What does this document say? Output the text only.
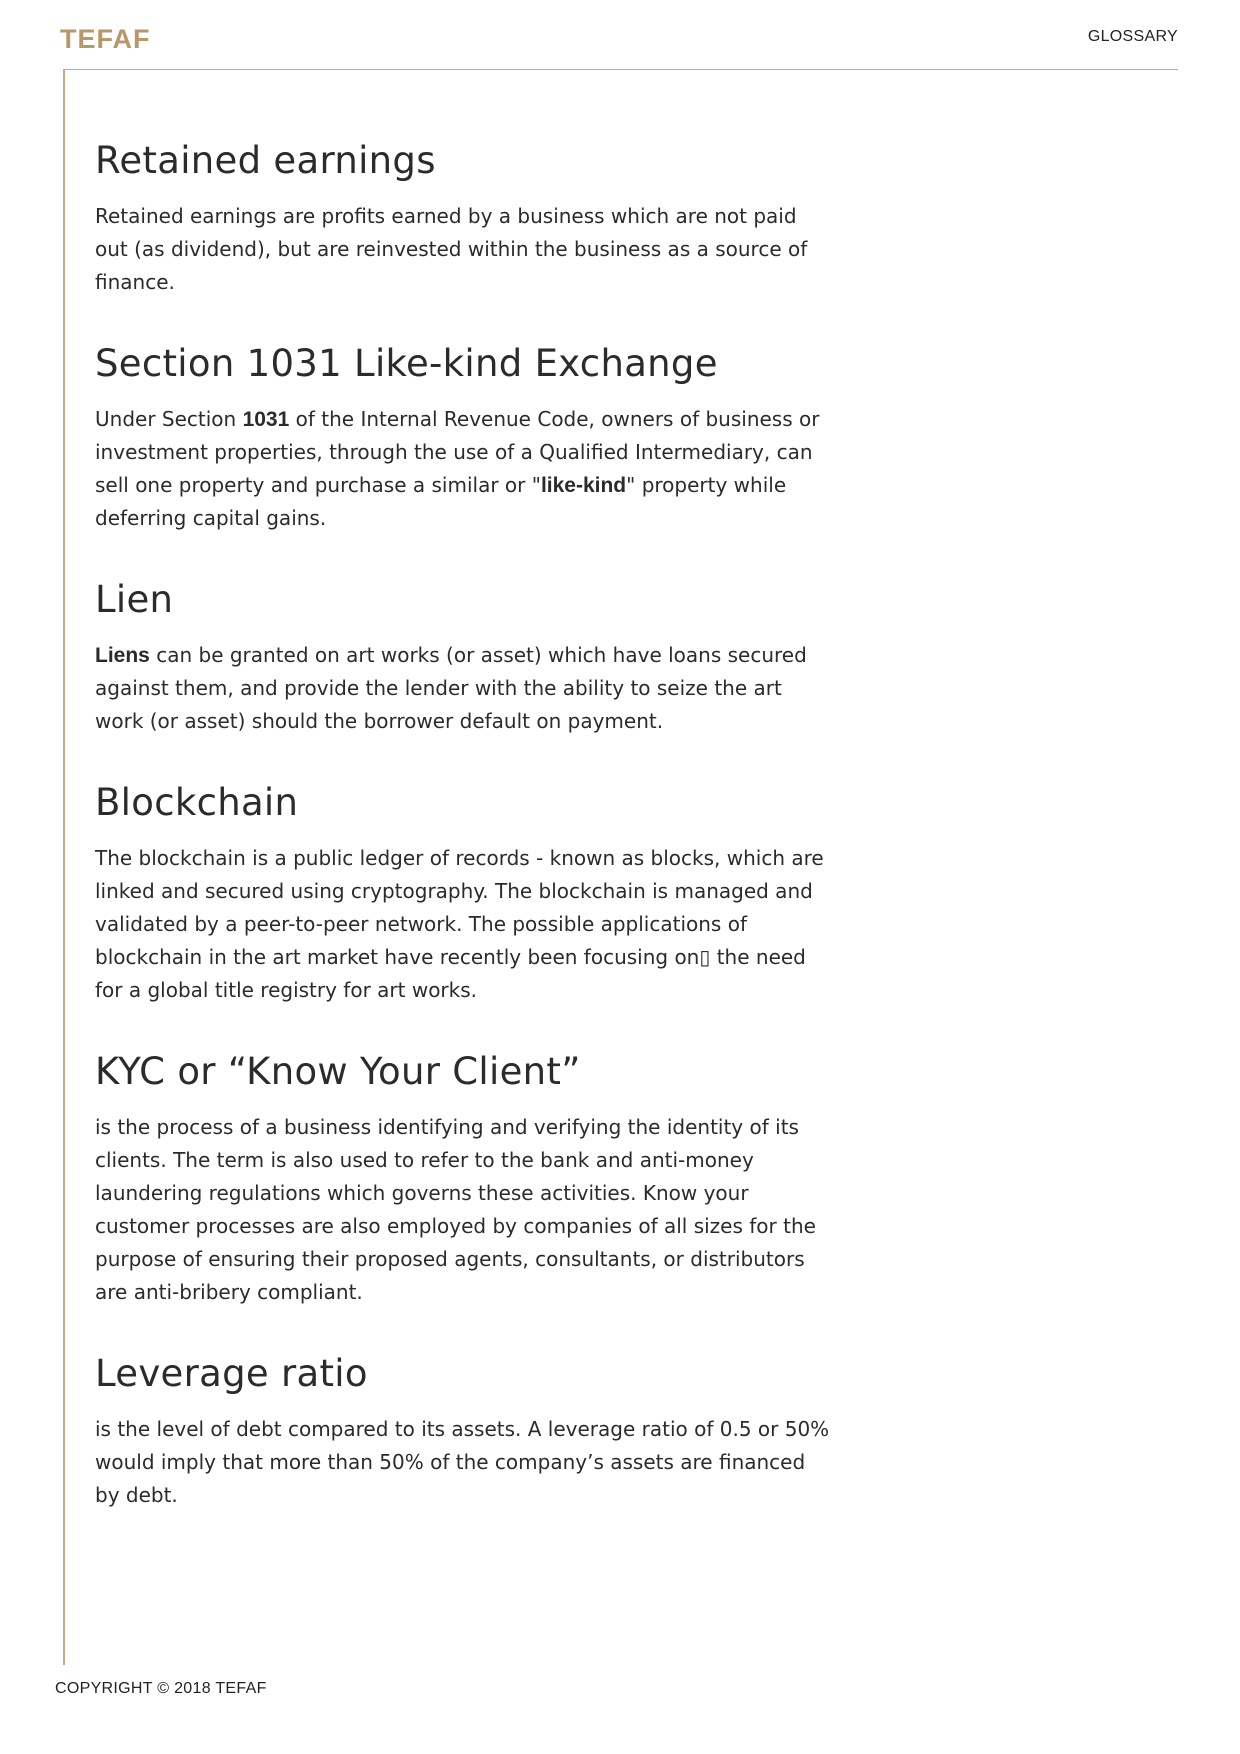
TEFAF	GLOSSARY
Retained earnings

Retained earnings are profits earned by a business which are not paid out (as dividend), but are reinvested within the business as a source of finance.

Section 1031 Like-kind Exchange

Under Section 1031 of the Internal Revenue Code, owners of business or investment properties, through the use of a Qualified Intermediary, can sell one property and purchase a similar or "like-kind" property while deferring capital gains.

Lien

Liens can be granted on art works (or asset) which have loans secured against them, and provide the lender with the ability to seize the art work (or asset) should the borrower default on payment.

Blockchain

The blockchain is a public ledger of records - known as blocks, which are linked and secured using cryptography. The blockchain is managed and validated by a peer-to-peer network. The possible applications of blockchain in the art market have recently been focusing on▯ the need for a global title registry for art works.

KYC or “Know Your Client”

is the process of a business identifying and verifying the identity of its clients. The term is also used to refer to the bank and anti-money laundering regulations which governs these activities. Know your customer processes are also employed by companies of all sizes for the purpose of ensuring their proposed agents, consultants, or distributors are anti-bribery compliant.

Leverage ratio

is the level of debt compared to its assets. A leverage ratio of 0.5 or 50% would imply that more than 50% of the company’s assets are financed by debt.

COPYRIGHT © 2018 TEFAF
